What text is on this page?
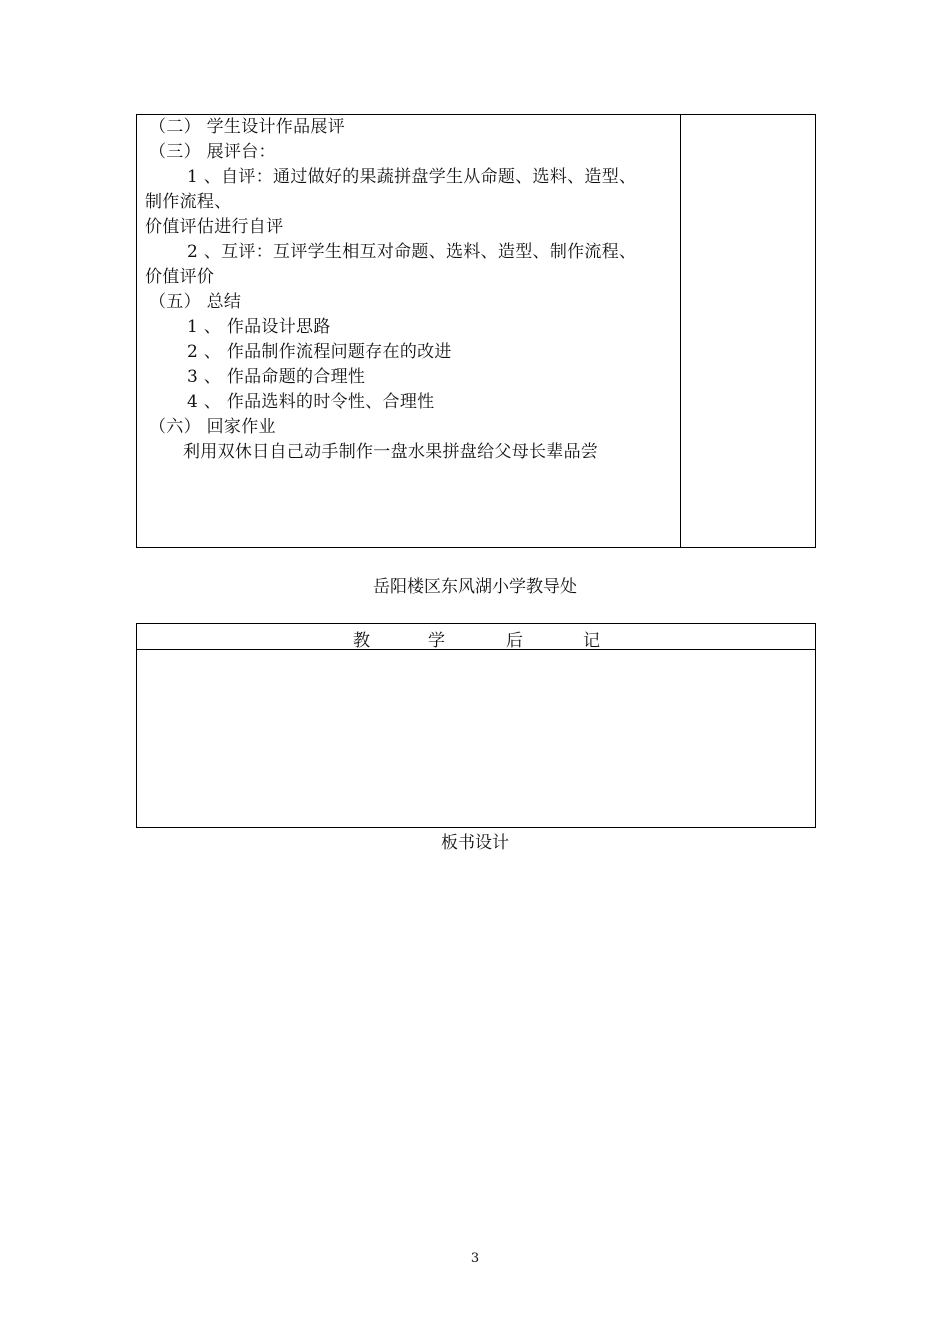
（二） 学生设计作品展评
（三） 展评台：
1 、自评：通过做好的果蔬拼盘学生从命题、选料、造型、
制作流程、
价值评估进行自评
2 、互评：互评学生相互对命题、选料、造型、制作流程、
价值评价
（五） 总结
1 、 作品设计思路
2 、 作品制作流程问题存在的改进
3 、 作品命题的合理性
4 、 作品选料的时令性、合理性
（六） 回家作业
利用双休日自己动手制作一盘水果拼盘给父母长辈品尝
岳阳楼区东风湖小学教导处
教	学	后	记
板书设计
3
